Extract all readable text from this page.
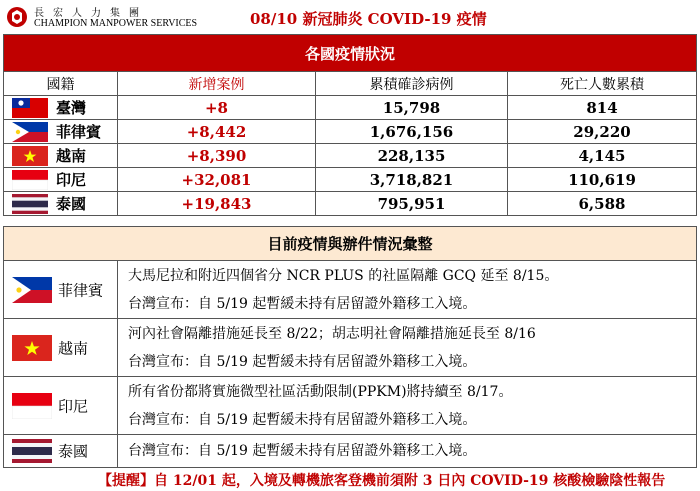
長宏人力集團
CHAMPION MANPOWER SERVICES	08/10 新冠肺炎 COVID-19 疫情
各國疫情狀況			
國籍	新增案例	累積確診病例	死亡人數累積
臺灣	+8	15,798	814
菲律賓	+8,442	1,676,156	29,220
越南	+8,390	228,135	4,145
印尼	+32,081	3,718,821	110,619
泰國	+19,843	795,951	6,588
目前疫情與辦件情況彙整	
菲律賓	大馬尼拉和附近四個省分 NCR PLUS 的社區隔離 GCQ 延至 8/15。
台灣宣布：自 5/19 起暫緩未持有居留證外籍移工入境。

越南	河內社會隔離措施延長至 8/22；胡志明社會隔離措施延長至 8/16
台灣宣布：自 5/19 起暫緩未持有居留證外籍移工入境。

印尼	所有省份都將實施微型社區活動限制(PPKM)將持續至 8/17。
台灣宣布：自 5/19 起暫緩未持有居留證外籍移工入境。

泰國	台灣宣布：自 5/19 起暫緩未持有居留證外籍移工入境。
【提醒】自 12/01 起，入境及轉機旅客登機前須附 3 日內 COVID-19 核酸檢驗陰性報告
